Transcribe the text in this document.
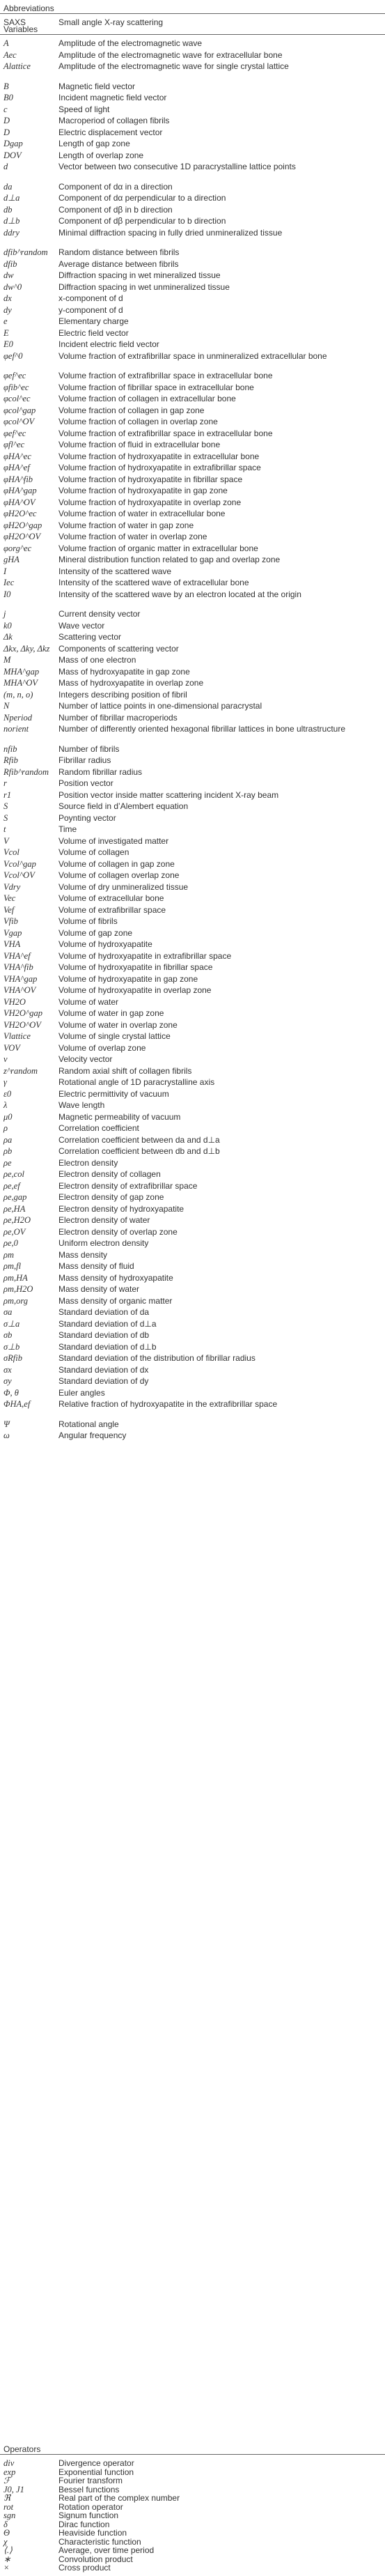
Abbreviations
SAXS	Small angle X-ray scattering
Variables
A	Amplitude of the electromagnetic wave
Aec	Amplitude of the electromagnetic wave for extracellular bone
Alattice	Amplitude of the electromagnetic wave for single crystal lattice
B	Magnetic field vector
B0	Incident magnetic field vector
c	Speed of light
D	Macroperiod of collagen fibrils
D	Electric displacement vector
Dgap	Length of gap zone
DOV	Length of overlap zone
d	Vector between two consecutive 1D paracrystalline lattice points
da	Component of dα in a direction
d⊥a	Component of dα perpendicular to a direction
db	Component of dβ in b direction
d⊥b	Component of dβ perpendicular to b direction
ddry	Minimal diffraction spacing in fully dried unmineralized tissue
dfib^random	Random distance between fibrils
dfib	Average distance between fibrils
dw	Diffraction spacing in wet mineralized tissue
dw^0	Diffraction spacing in wet unmineralized tissue
dx	x-component of d
dy	y-component of d
e	Elementary charge
E	Electric field vector
E0	Incident electric field vector
φef^0	Volume fraction of extrafibrillar space in unmineralized extracellular bone
φef^ec	Volume fraction of extrafibrillar space in extracellular bone
φfib^ec	Volume fraction of fibrillar space in extracellular bone
φcol^ec	Volume fraction of collagen in extracellular bone
φcol^gap	Volume fraction of collagen in gap zone
φcol^OV	Volume fraction of collagen in overlap zone
φef^ec	Volume fraction of extrafibrillar space in extracellular bone
φfl^ec	Volume fraction of fluid in extracellular bone
φHA^ec	Volume fraction of hydroxyapatite in extracellular bone
φHA^ef	Volume fraction of hydroxyapatite in extrafibrillar space
φHA^fib	Volume fraction of hydroxyapatite in fibrillar space
φHA^gap	Volume fraction of hydroxyapatite in gap zone
φHA^OV	Volume fraction of hydroxyapatite in overlap zone
φH2O^ec	Volume fraction of water in extracellular bone
φH2O^gap	Volume fraction of water in gap zone
φH2O^OV	Volume fraction of water in overlap zone
φorg^ec	Volume fraction of organic matter in extracellular bone
gHA	Mineral distribution function related to gap and overlap zone
I	Intensity of the scattered wave
Iec	Intensity of the scattered wave of extracellular bone
I0	Intensity of the scattered wave by an electron located at the origin
j	Current density vector
k0	Wave vector
Δk	Scattering vector
Δkx, Δky, Δkz	Components of scattering vector
M	Mass of one electron
MHA^gap	Mass of hydroxyapatite in gap zone
MHA^OV	Mass of hydroxyapatite in overlap zone
(m, n, o)	Integers describing position of fibril
N	Number of lattice points in one-dimensional paracrystal
Nperiod	Number of fibrillar macroperiods
norient	Number of differently oriented hexagonal fibrillar lattices in bone ultrastructure
nfib	Number of fibrils
Rfib	Fibrillar radius
Rfib^random	Random fibrillar radius
r	Position vector
r1	Position vector inside matter scattering incident X-ray beam
S	Source field in d’Alembert equation
S	Poynting vector
t	Time
V	Volume of investigated matter
Vcol	Volume of collagen
Vcol^gap	Volume of collagen in gap zone
Vcol^OV	Volume of collagen overlap zone
Vdry	Volume of dry unmineralized tissue
Vec	Volume of extracellular bone
Vef	Volume of extrafibrillar space
Vfib	Volume of fibrils
Vgap	Volume of gap zone
VHA	Volume of hydroxyapatite
VHA^ef	Volume of hydroxyapatite in extrafibrillar space
VHA^fib	Volume of hydroxyapatite in fibrillar space
VHA^gap	Volume of hydroxyapatite in gap zone
VHA^OV	Volume of hydroxyapatite in overlap zone
VH2O	Volume of water
VH2O^gap	Volume of water in gap zone
VH2O^OV	Volume of water in overlap zone
Vlattice	Volume of single crystal lattice
VOV	Volume of overlap zone
v	Velocity vector
z^random	Random axial shift of collagen fibrils
γ	Rotational angle of 1D paracrystalline axis
ε0	Electric permittivity of vacuum
λ	Wave length
μ0	Magnetic permeability of vacuum
ρ	Correlation coefficient
ρa	Correlation coefficient between da and d⊥a
ρb	Correlation coefficient between db and d⊥b
ρe	Electron density
ρe,col	Electron density of collagen
ρe,ef	Electron density of extrafibrillar space
ρe,gap	Electron density of gap zone
ρe,HA	Electron density of hydroxyapatite
ρe,H2O	Electron density of water
ρe,OV	Electron density of overlap zone
ρe,0	Uniform electron density
ρm	Mass density
ρm,fl	Mass density of fluid
ρm,HA	Mass density of hydroxyapatite
ρm,H2O	Mass density of water
ρm,org	Mass density of organic matter
σa	Standard deviation of da
σ⊥a	Standard deviation of d⊥a
σb	Standard deviation of db
σ⊥b	Standard deviation of d⊥b
σRfib	Standard deviation of the distribution of fibrillar radius
σx	Standard deviation of dx
σy	Standard deviation of dy
Φ, θ	Euler angles
ΦHA,ef	Relative fraction of hydroxyapatite in the extrafibrillar space
Ψ	Rotational angle
ω	Angular frequency
Operators
div	Divergence operator
exp	Exponential function
ℱ	Fourier transform
J0, J1	Bessel functions
ℜ	Real part of the complex number
rot	Rotation operator
sgn	Signum function
δ	Dirac function
Θ	Heaviside function
χ	Characteristic function
⟨.⟩	Average, over time period
∗	Convolution product
×	Cross product
